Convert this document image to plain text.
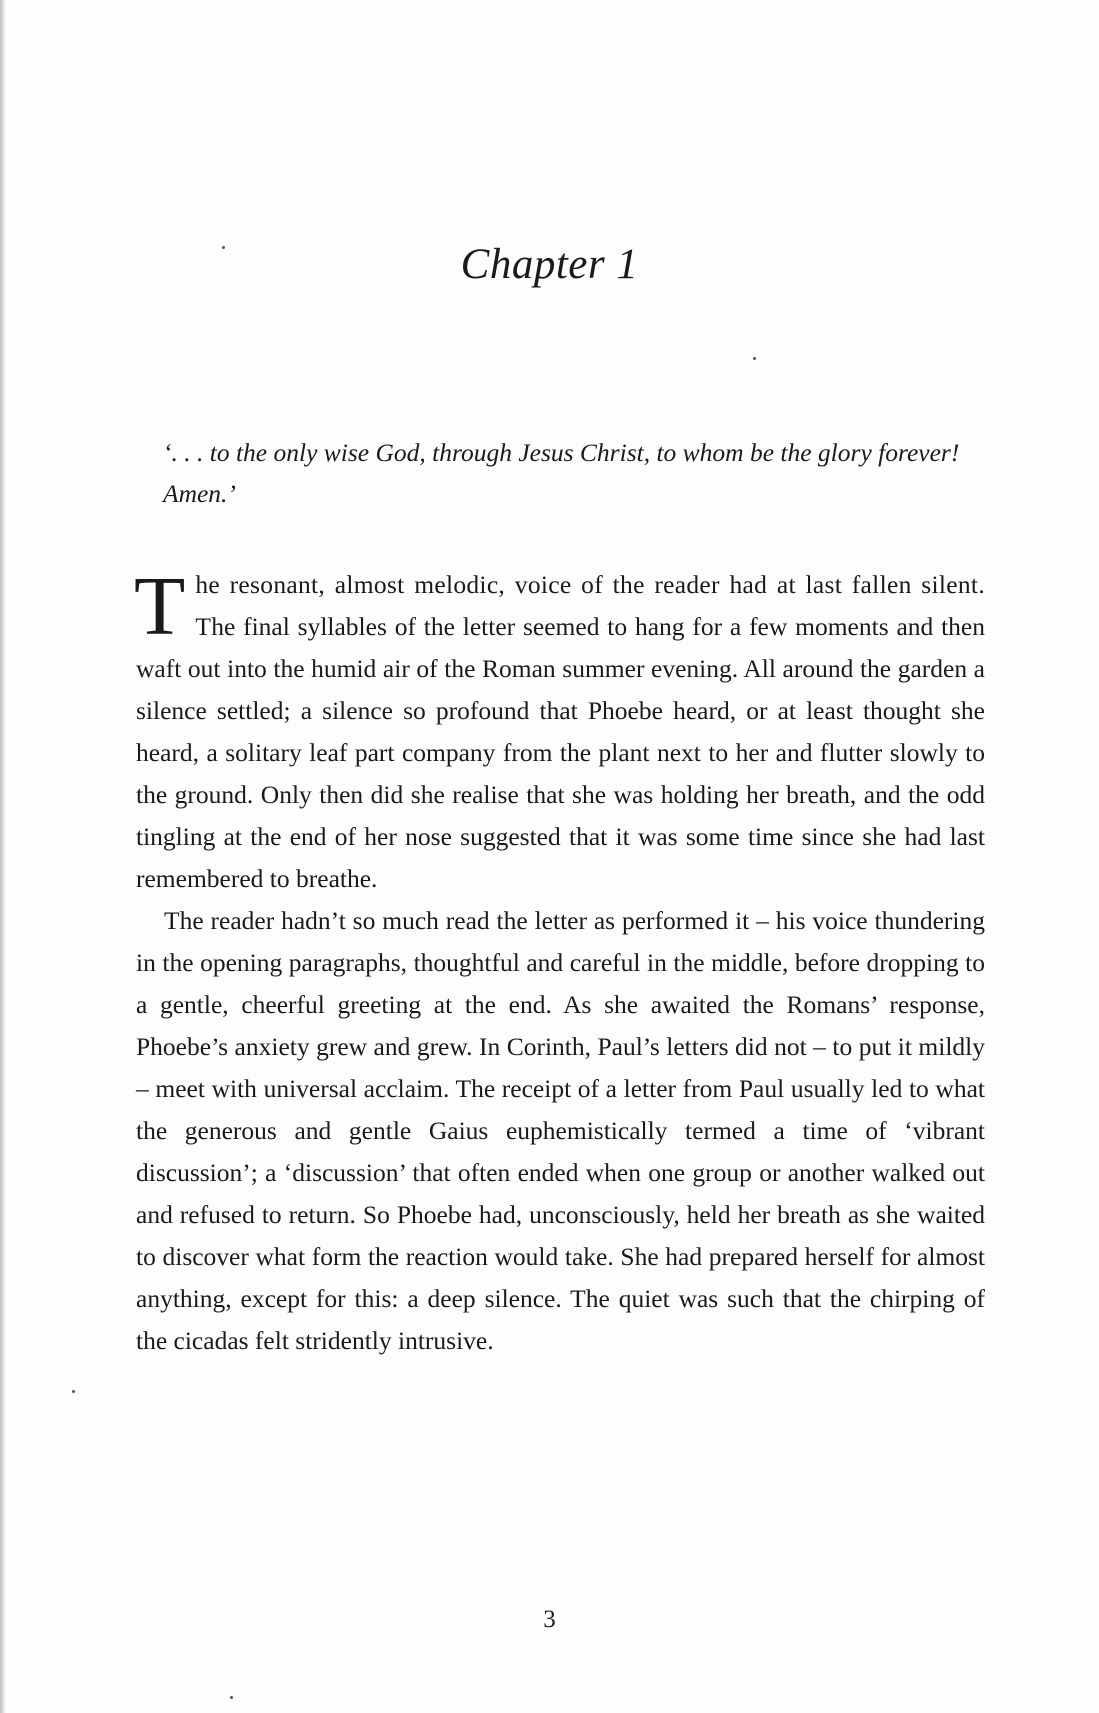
Chapter 1
‘. . . to the only wise God, through Jesus Christ, to whom be the glory forever! Amen.’

The resonant, almost melodic, voice of the reader had at last fallen silent. The final syllables of the letter seemed to hang for a few moments and then waft out into the humid air of the Roman summer evening. All around the garden a silence settled; a silence so profound that Phoebe heard, or at least thought she heard, a solitary leaf part company from the plant next to her and flutter slowly to the ground. Only then did she realise that she was holding her breath, and the odd tingling at the end of her nose suggested that it was some time since she had last remembered to breathe.

The reader hadn’t so much read the letter as performed it – his voice thundering in the opening paragraphs, thoughtful and careful in the middle, before dropping to a gentle, cheerful greeting at the end. As she awaited the Romans’ response, Phoebe’s anxiety grew and grew. In Corinth, Paul’s letters did not – to put it mildly – meet with universal acclaim. The receipt of a letter from Paul usually led to what the generous and gentle Gaius euphemistically termed a time of ‘vibrant discussion’; a ‘discussion’ that often ended when one group or another walked out and refused to return. So Phoebe had, unconsciously, held her breath as she waited to discover what form the reaction would take. She had prepared herself for almost anything, except for this: a deep silence. The quiet was such that the chirping of the cicadas felt stridently intrusive.

3
